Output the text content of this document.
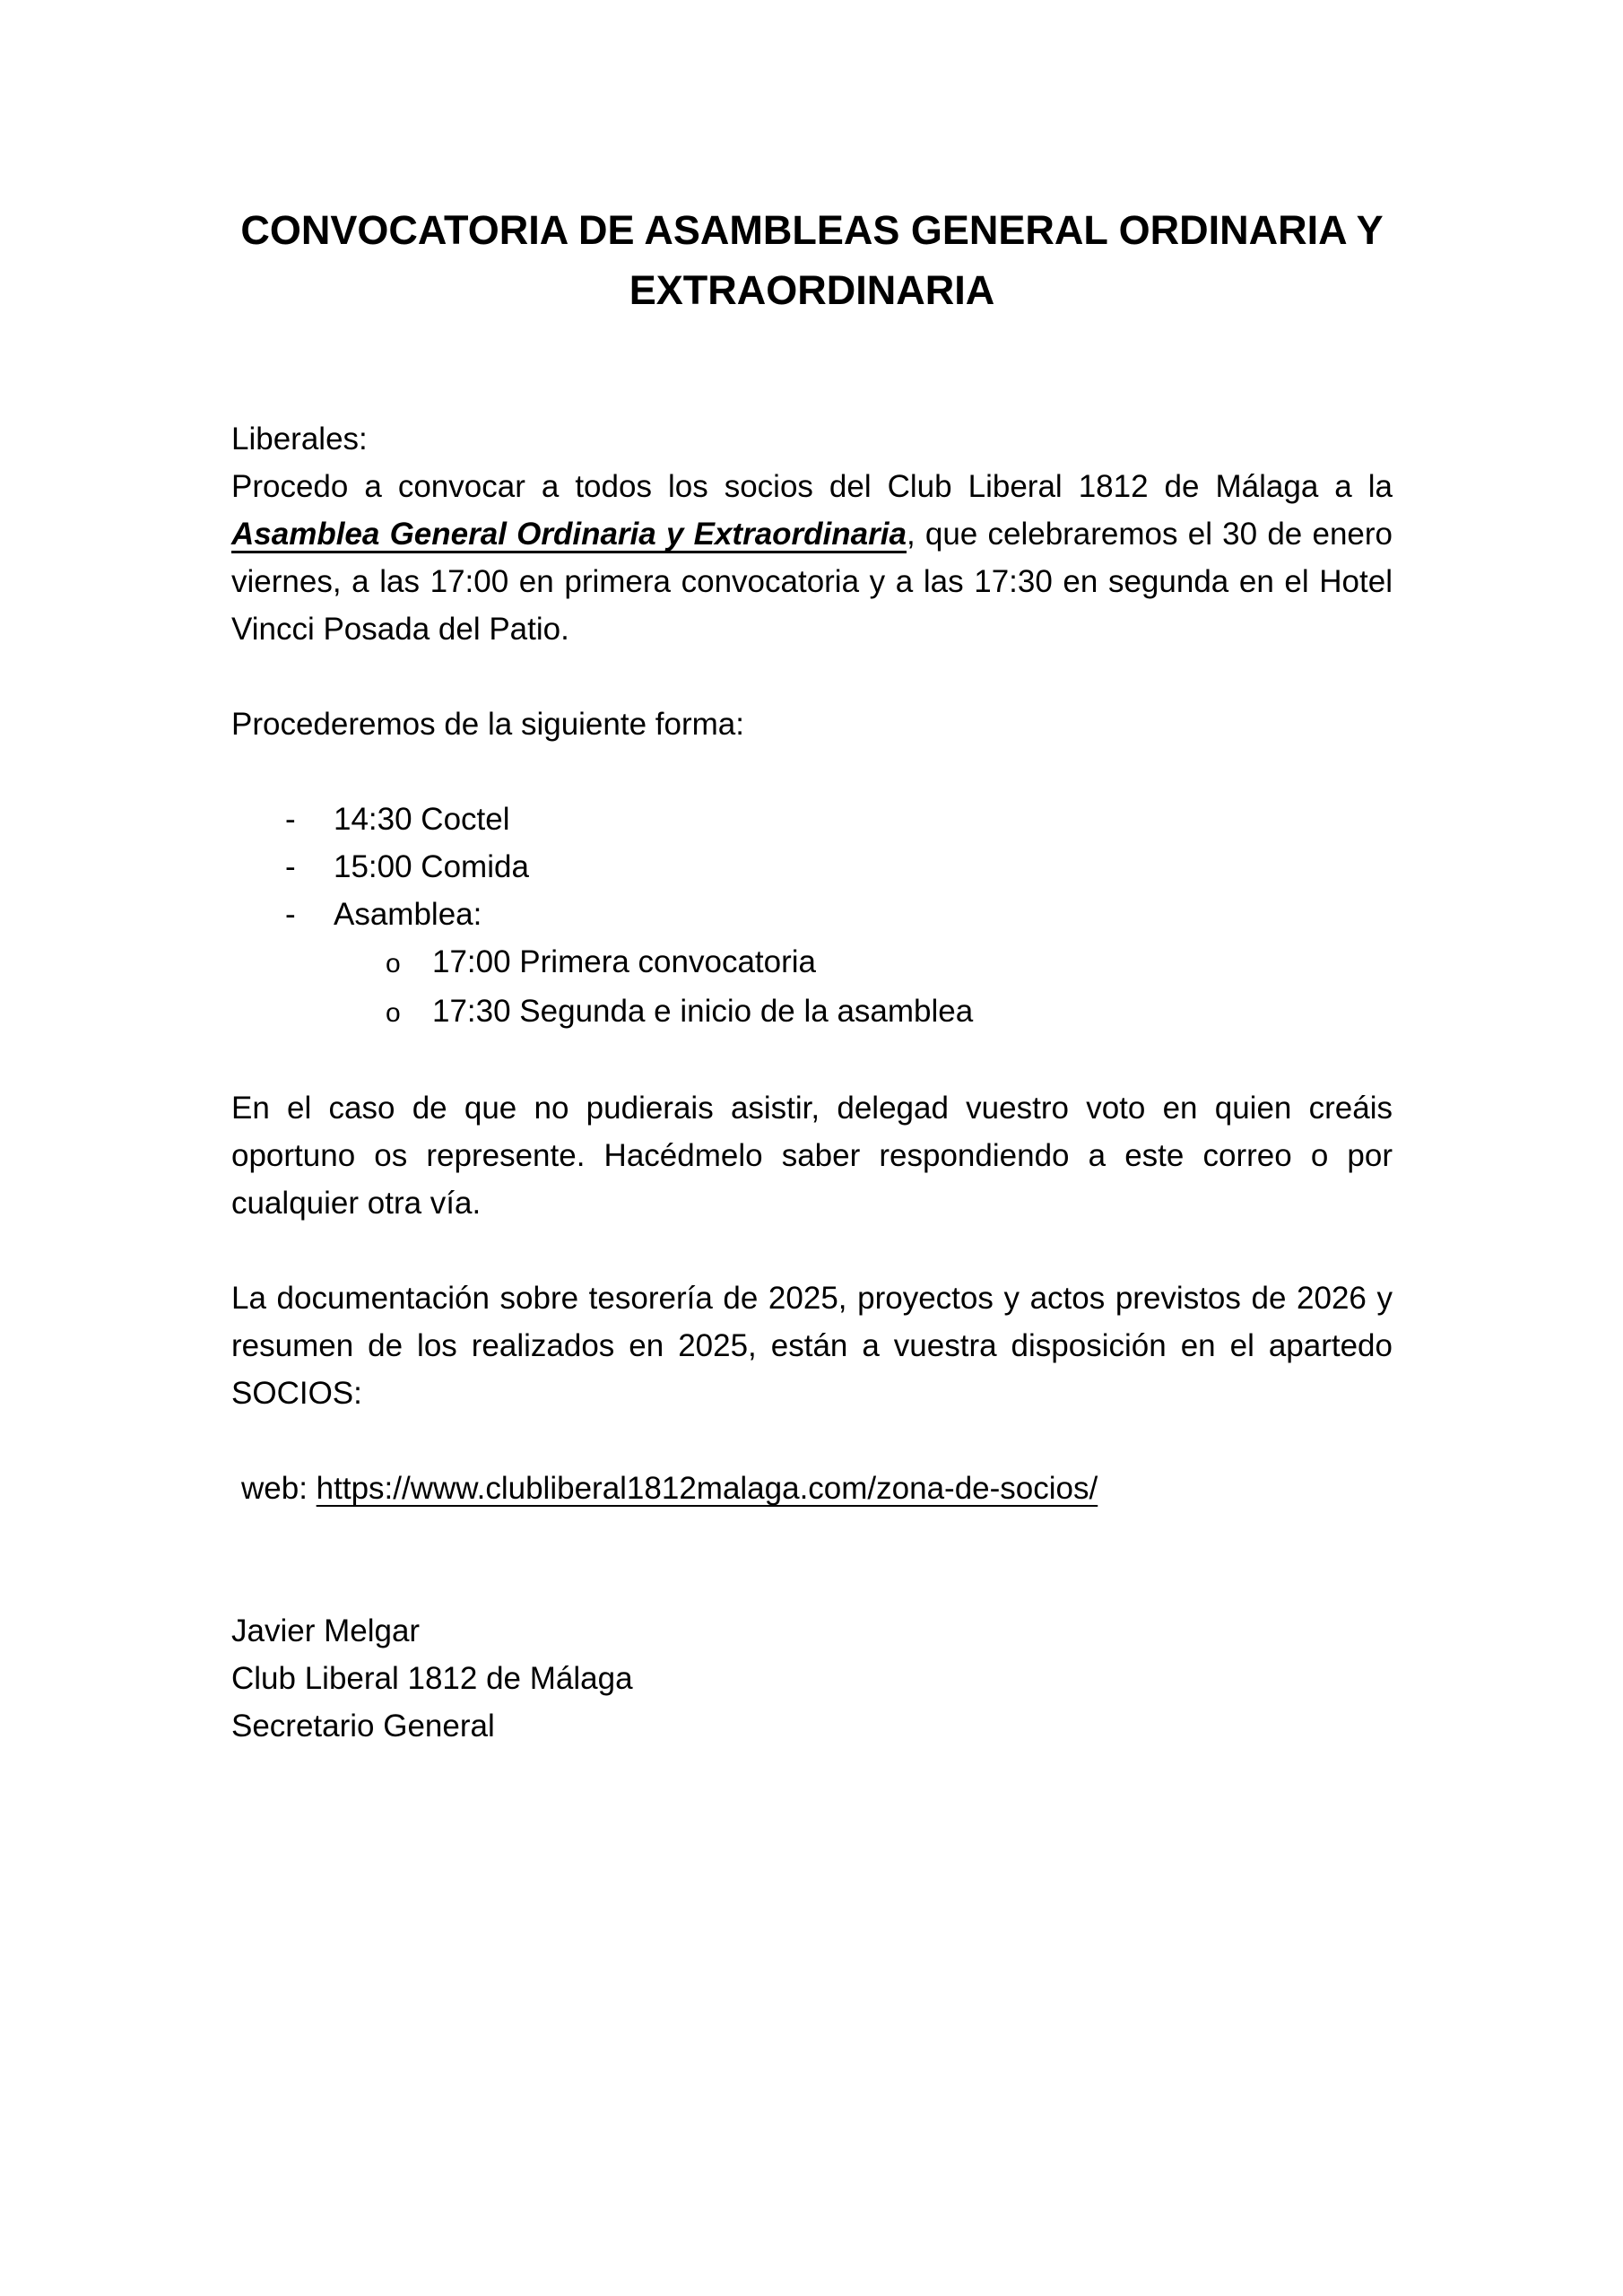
CONVOCATORIA DE ASAMBLEAS GENERAL ORDINARIA Y EXTRAORDINARIA
Liberales:
Procedo a convocar a todos los socios del Club Liberal 1812 de Málaga a la Asamblea General Ordinaria y Extraordinaria, que celebraremos el 30 de enero viernes, a las 17:00 en primera convocatoria y a las 17:30 en segunda en el Hotel Vincci Posada del Patio.
Procederemos de la siguiente forma:
-	14:30 Coctel
-	15:00 Comida
-	Asamblea:
o	17:00 Primera convocatoria
o	17:30 Segunda e inicio de la asamblea
En el caso de que no pudierais asistir, delegad vuestro voto en quien creáis oportuno os represente. Hacédmelo saber respondiendo a este correo o por cualquier otra vía.
La documentación sobre tesorería de 2025, proyectos y actos previstos de 2026 y resumen de los realizados en 2025, están a vuestra disposición en el apartedo SOCIOS:
web: https://www.clubliberal1812malaga.com/zona-de-socios/
Javier Melgar
Club Liberal 1812 de Málaga
Secretario General
